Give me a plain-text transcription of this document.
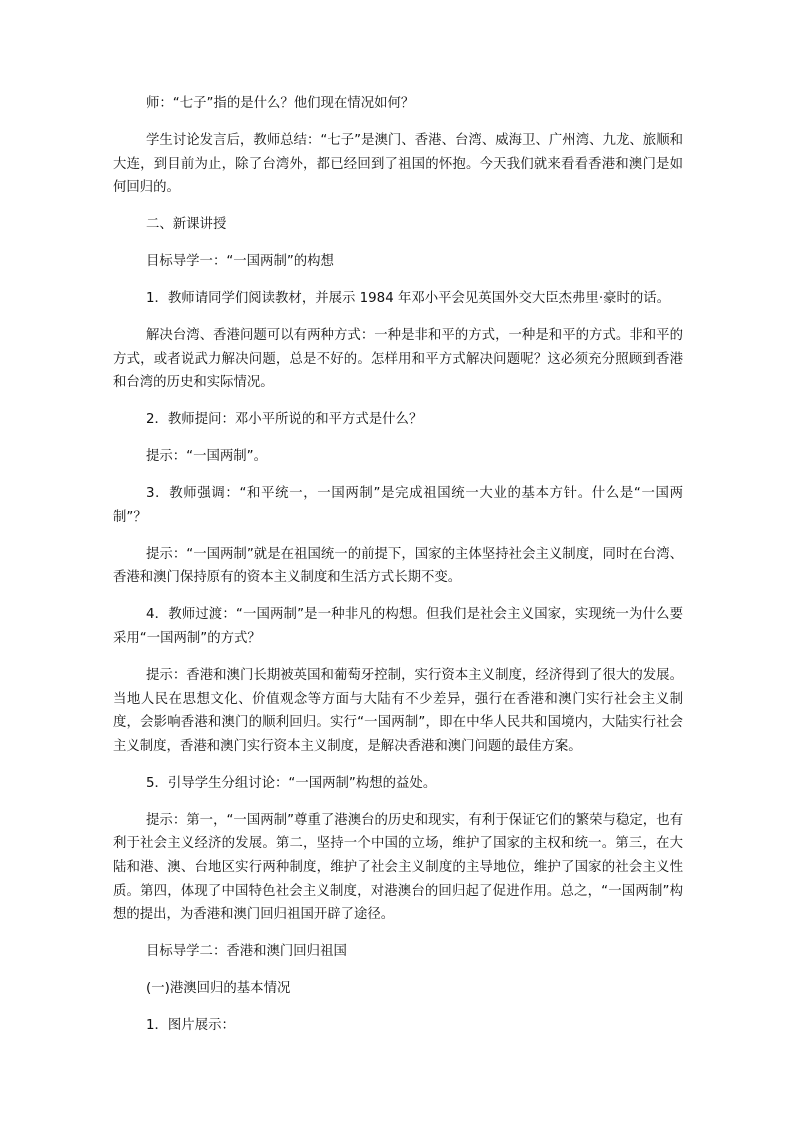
师：“七子”指的是什么？他们现在情况如何？

学生讨论发言后，教师总结：“七子”是澳门、香港、台湾、威海卫、广州湾、九龙、旅顺和大连，到目前为止，除了台湾外，都已经回到了祖国的怀抱。今天我们就来看看香港和澳门是如何回归的。

二、新课讲授

目标导学一：“一国两制”的构想

1．教师请同学们阅读教材，并展示 1984 年邓小平会见英国外交大臣杰弗里·豪时的话。

解决台湾、香港问题可以有两种方式：一种是非和平的方式，一种是和平的方式。非和平的方式，或者说武力解决问题，总是不好的。怎样用和平方式解决问题呢？这必须充分照顾到香港和台湾的历史和实际情况。

2．教师提问：邓小平所说的和平方式是什么？

提示：“一国两制”。

3．教师强调：“和平统一，一国两制”是完成祖国统一大业的基本方针。什么是“一国两制”？

提示：“一国两制”就是在祖国统一的前提下，国家的主体坚持社会主义制度，同时在台湾、香港和澳门保持原有的资本主义制度和生活方式长期不变。

4．教师过渡：“一国两制”是一种非凡的构想。但我们是社会主义国家，实现统一为什么要采用“一国两制”的方式？

提示：香港和澳门长期被英国和葡萄牙控制，实行资本主义制度，经济得到了很大的发展。当地人民在思想文化、价值观念等方面与大陆有不少差异，强行在香港和澳门实行社会主义制度，会影响香港和澳门的顺利回归。实行“一国两制”，即在中华人民共和国境内，大陆实行社会主义制度，香港和澳门实行资本主义制度，是解决香港和澳门问题的最佳方案。

5．引导学生分组讨论：“一国两制”构想的益处。

提示：第一，“一国两制”尊重了港澳台的历史和现实，有利于保证它们的繁荣与稳定，也有利于社会主义经济的发展。第二，坚持一个中国的立场，维护了国家的主权和统一。第三，在大陆和港、澳、台地区实行两种制度，维护了社会主义制度的主导地位，维护了国家的社会主义性质。第四，体现了中国特色社会主义制度，对港澳台的回归起了促进作用。总之，“一国两制”构想的提出，为香港和澳门回归祖国开辟了途径。

目标导学二：香港和澳门回归祖国

(一)港澳回归的基本情况

1．图片展示：
